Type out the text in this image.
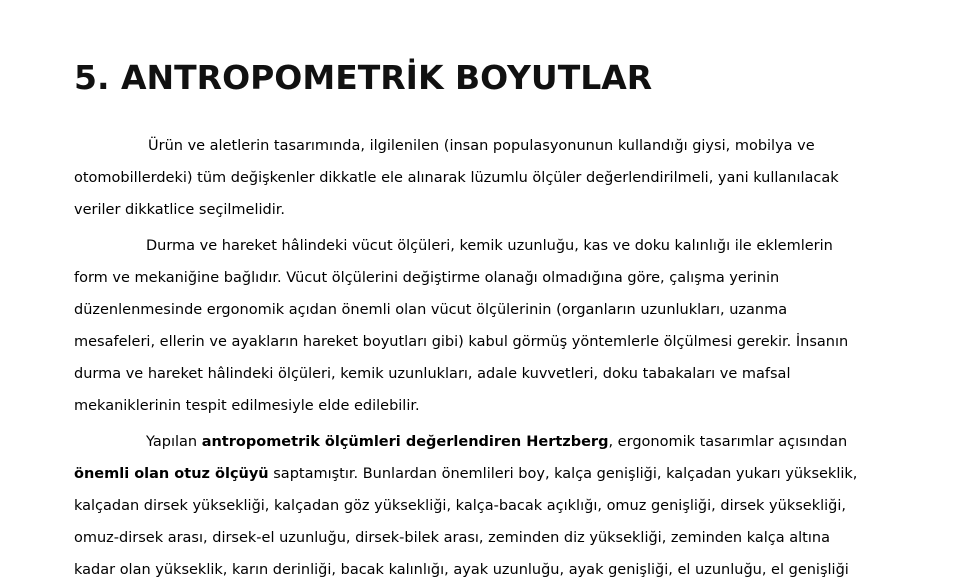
5. ANTROPOMETRİK BOYUTLAR

Ürün ve aletlerin tasarımında, ilgilenilen (insan populasyonunun kullandığı giysi, mobilya ve
otomobillerdeki) tüm değişkenler dikkatle ele alınarak lüzumlu ölçüler değerlendirilmeli, yani kullanılacak
veriler dikkatlice seçilmelidir.

Durma ve hareket hâlindeki vücut ölçüleri, kemik uzunluğu, kas ve doku kalınlığı ile eklemlerin
form ve mekaniğine bağlıdır. Vücut ölçülerini değiştirme olanağı olmadığına göre, çalışma yerinin
düzenlenmesinde ergonomik açıdan önemli olan vücut ölçülerinin (organların uzunlukları, uzanma
mesafeleri, ellerin ve ayakların hareket boyutları gibi) kabul görmüş yöntemlerle ölçülmesi gerekir. İnsanın
durma ve hareket hâlindeki ölçüleri, kemik uzunlukları, adale kuvvetleri, doku tabakaları ve mafsal
mekaniklerinin tespit edilmesiyle elde edilebilir.

Yapılan antropometrik ölçümleri değerlendiren Hertzberg, ergonomik tasarımlar açısından
önemli olan otuz ölçüyü saptamıştır. Bunlardan önemlileri boy, kalça genişliği, kalçadan yukarı yükseklik,
kalçadan dirsek yüksekliği, kalçadan göz yüksekliği, kalça-bacak açıklığı, omuz genişliği, dirsek yüksekliği,
omuz-dirsek arası, dirsek-el uzunluğu, dirsek-bilek arası, zeminden diz yüksekliği, zeminden kalça altına
kadar olan yükseklik, karın derinliği, bacak kalınlığı, ayak uzunluğu, ayak genişliği, el uzunluğu, el genişliği
